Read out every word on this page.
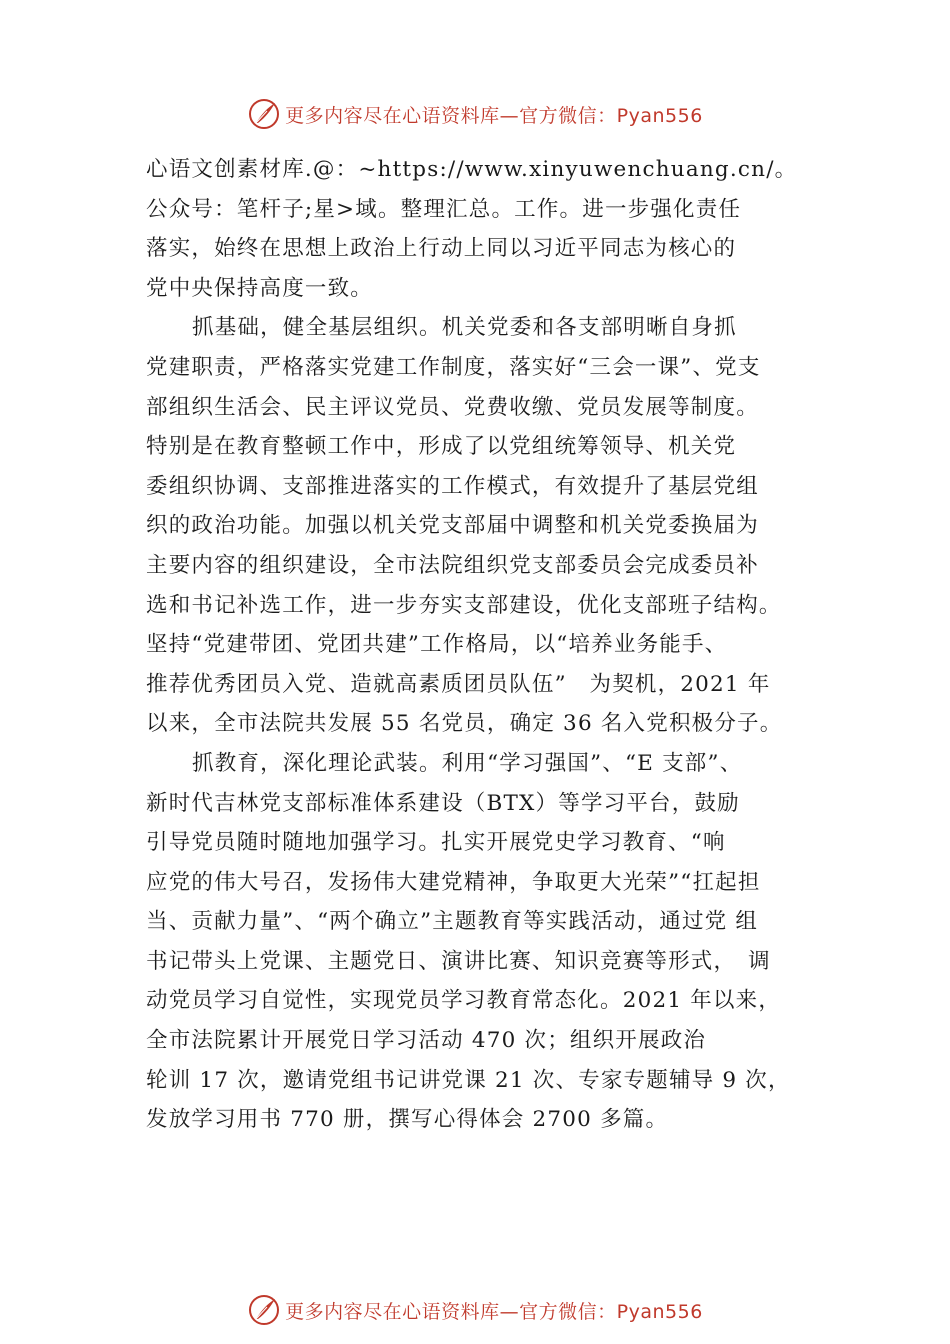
更多内容尽在心语资料库—官方微信：Pyan556
心语文创素材库.@：~https://www.xinyuwenchuang.cn/。
公众号：笔杆子;星>域。整理汇总。工作。进一步强化责任
落实，始终在思想上政治上行动上同以习近平同志为核心的
党中央保持高度一致。
抓基础，健全基层组织。机关党委和各支部明晰自身抓
党建职责，严格落实党建工作制度，落实好“三会一课”、党支
部组织生活会、民主评议党员、党费收缴、党员发展等制度。
特别是在教育整顿工作中，形成了以党组统筹领导、机关党
委组织协调、支部推进落实的工作模式，有效提升了基层党组
织的政治功能。加强以机关党支部届中调整和机关党委换届为
主要内容的组织建设，全市法院组织党支部委员会完成委员补
选和书记补选工作，进一步夯实支部建设，优化支部班子结构。
坚持“党建带团、党团共建”工作格局，以“培养业务能手、
推荐优秀团员入党、造就高素质团员队伍”　为契机，2021 年
以来，全市法院共发展 55 名党员，确定 36 名入党积极分子。
抓教育，深化理论武装。利用“学习强国”、“E 支部”、
新时代吉林党支部标准体系建设（BTX）等学习平台，鼓励
引导党员随时随地加强学习。扎实开展党史学习教育、“响
应党的伟大号召，发扬伟大建党精神，争取更大光荣”“扛起担
当、贡献力量”、“两个确立”主题教育等实践活动，通过党 组
书记带头上党课、主题党日、演讲比赛、知识竞赛等形式，　调
动党员学习自觉性，实现党员学习教育常态化。2021 年以来，
全市法院累计开展党日学习活动 470 次；组织开展政治
轮训 17 次，邀请党组书记讲党课 21 次、专家专题辅导 9 次，
发放学习用书 770 册，撰写心得体会 2700 多篇。
更多内容尽在心语资料库—官方微信：Pyan556
